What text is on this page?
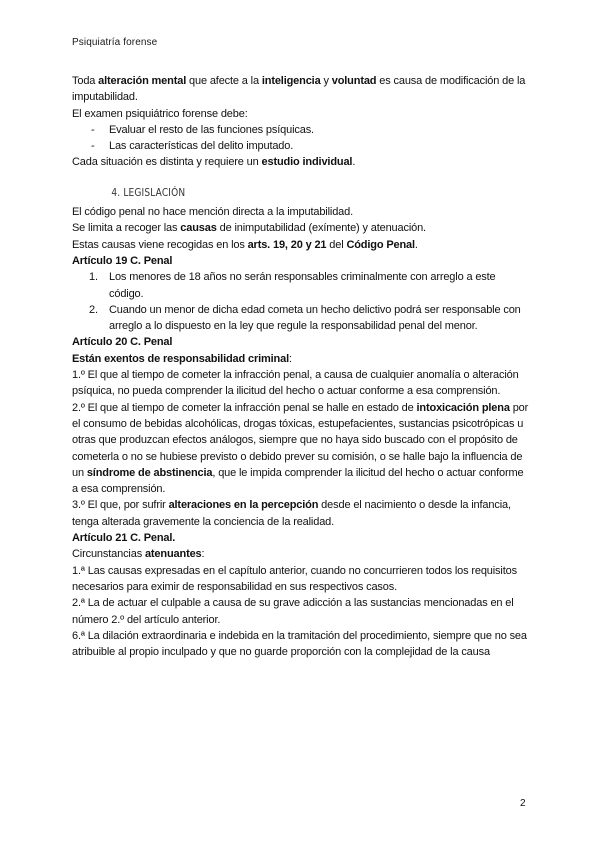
Psiquiatría forense

Toda alteración mental que afecte a la inteligencia y voluntad es causa de modificación de la imputabilidad.

El examen psiquiátrico forense debe:

- Evaluar el resto de las funciones psíquicas.

- Las características del delito imputado.

Cada situación es distinta y requiere un estudio individual.

4. LEGISLACIÓN

El código penal no hace mención directa a la imputabilidad.

Se limita a recoger las causas de inimputabilidad (exímente) y atenuación.

Estas causas viene recogidas en los arts. 19, 20 y 21 del Código Penal.

Artículo 19 C. Penal

1. Los menores de 18 años no serán responsables criminalmente con arreglo a este código.

2. Cuando un menor de dicha edad cometa un hecho delictivo podrá ser responsable con arreglo a lo dispuesto en la ley que regule la responsabilidad penal del menor.

Artículo 20 C. Penal

Están exentos de responsabilidad criminal:

1.º El que al tiempo de cometer la infracción penal, a causa de cualquier anomalía o alteración psíquica, no pueda comprender la ilicitud del hecho o actuar conforme a esa comprensión.

2.º El que al tiempo de cometer la infracción penal se halle en estado de intoxicación plena por el consumo de bebidas alcohólicas, drogas tóxicas, estupefacientes, sustancias psicotrópicas u otras que produzcan efectos análogos, siempre que no haya sido buscado con el propósito de cometerla o no se hubiese previsto o debido prever su comisión, o se halle bajo la influencia de un síndrome de abstinencia, que le impida comprender la ilicitud del hecho o actuar conforme a esa comprensión.

3.º El que, por sufrir alteraciones en la percepción desde el nacimiento o desde la infancia, tenga alterada gravemente la conciencia de la realidad.

Artículo 21 C. Penal.

Circunstancias atenuantes:

1.ª Las causas expresadas en el capítulo anterior, cuando no concurrieren todos los requisitos necesarios para eximir de responsabilidad en sus respectivos casos.

2.ª La de actuar el culpable a causa de su grave adicción a las sustancias mencionadas en el número 2.º del artículo anterior.

6.ª La dilación extraordinaria e indebida en la tramitación del procedimiento, siempre que no sea atribuible al propio inculpado y que no guarde proporción con la complejidad de la causa

2
